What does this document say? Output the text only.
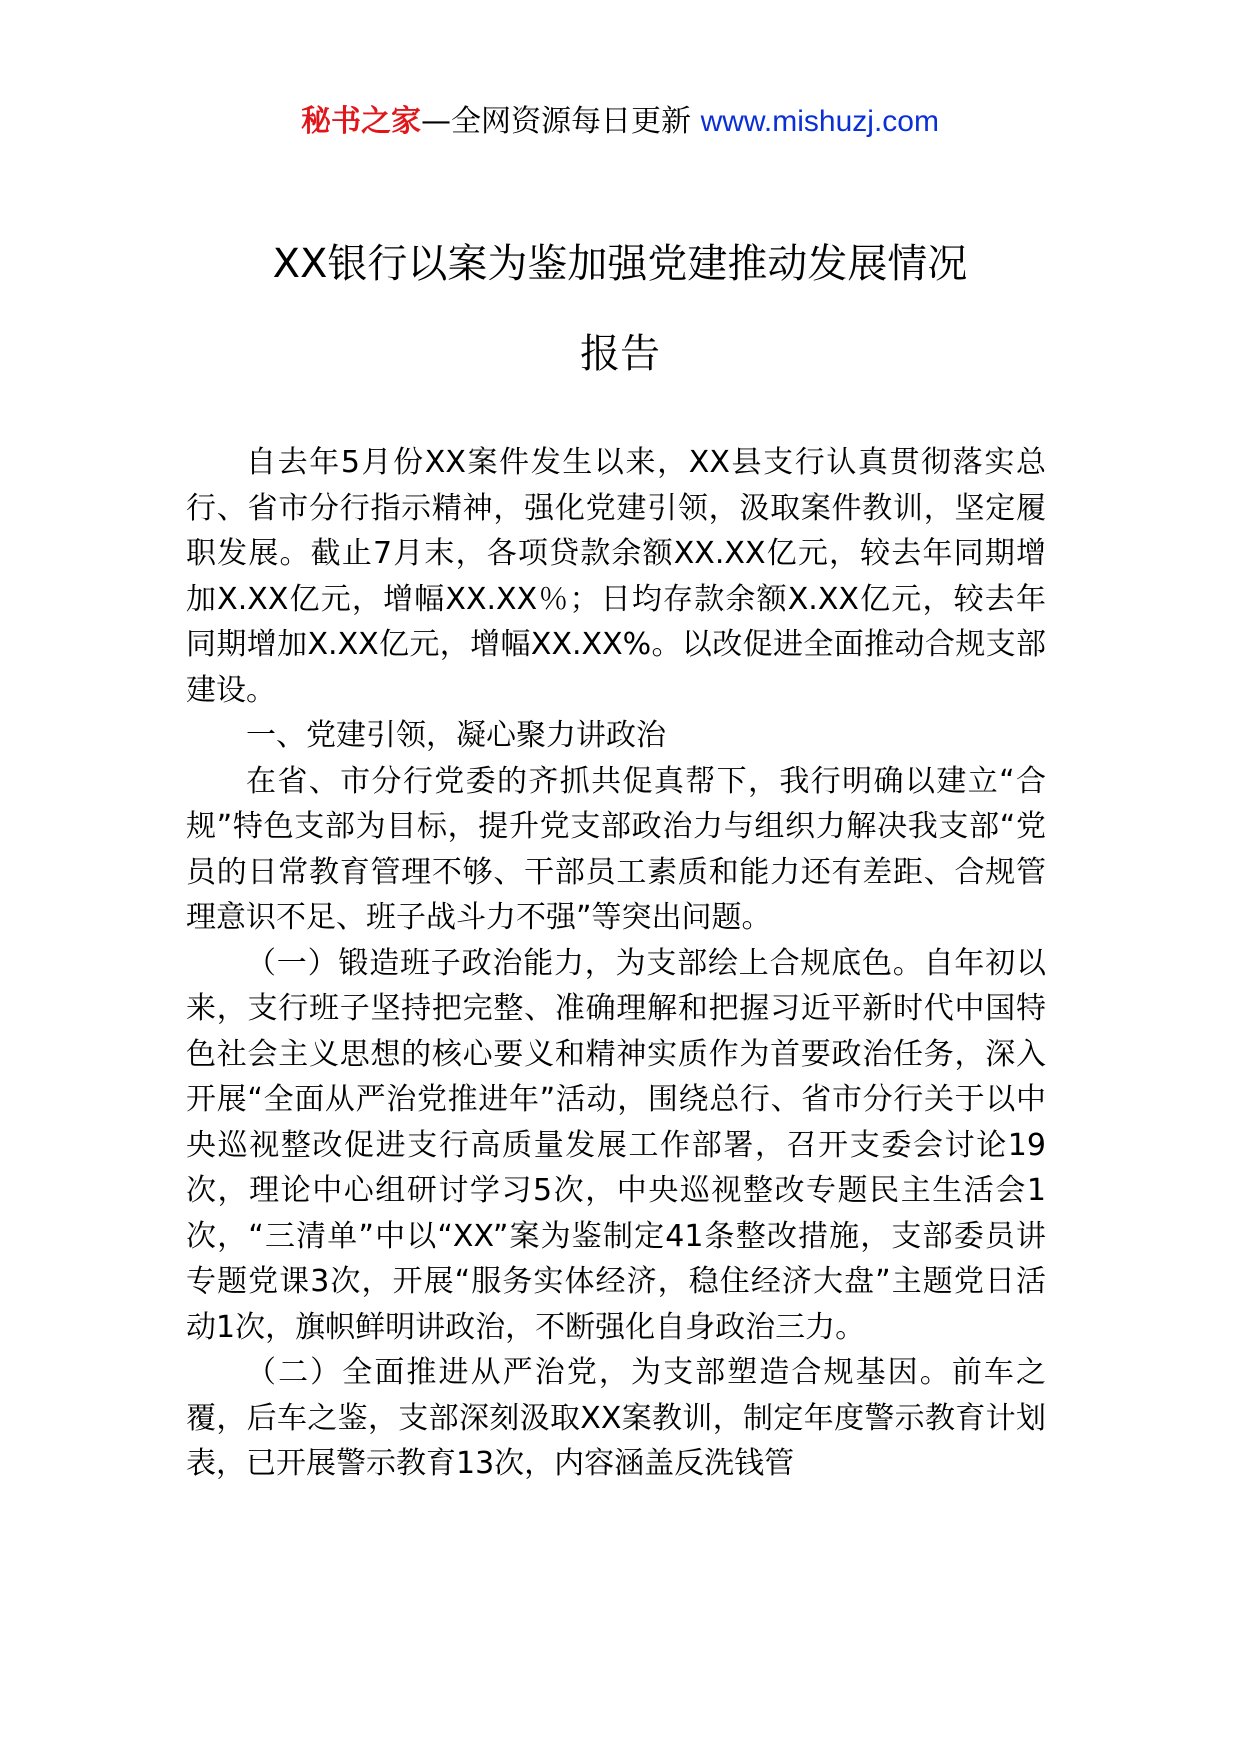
秘书之家—全网资源每日更新 www.mishuzj.com
XX银行以案为鉴加强党建推动发展情况
报告

自去年5月份XX案件发生以来，XX县支行认真贯彻落实总行、省市分行指示精神，强化党建引领，汲取案件教训，坚定履职发展。截止7月末，各项贷款余额XX.XX亿元，较去年同期增加X.XX亿元，增幅XX.XX％；日均存款余额X.XX亿元，较去年同期增加X.XX亿元，增幅XX.XX%。以改促进全面推动合规支部建设。

一、党建引领，凝心聚力讲政治

在省、市分行党委的齐抓共促真帮下，我行明确以建立“合规”特色支部为目标，提升党支部政治力与组织力解决我支部“党员的日常教育管理不够、干部员工素质和能力还有差距、合规管理意识不足、班子战斗力不强”等突出问题。

（一）锻造班子政治能力，为支部绘上合规底色。自年初以来，支行班子坚持把完整、准确理解和把握习近平新时代中国特色社会主义思想的核心要义和精神实质作为首要政治任务，深入开展“全面从严治党推进年”活动，围绕总行、省市分行关于以中央巡视整改促进支行高质量发展工作部署，召开支委会讨论19次，理论中心组研讨学习5次，中央巡视整改专题民主生活会1次，“三清单”中以“XX”案为鉴制定41条整改措施，支部委员讲专题党课3次，开展“服务实体经济，稳住经济大盘”主题党日活动1次，旗帜鲜明讲政治，不断强化自身政治三力。

（二）全面推进从严治党，为支部塑造合规基因。前车之覆，后车之鉴，支部深刻汲取XX案教训，制定年度警示教育计划表，已开展警示教育13次，内容涵盖反洗钱管
